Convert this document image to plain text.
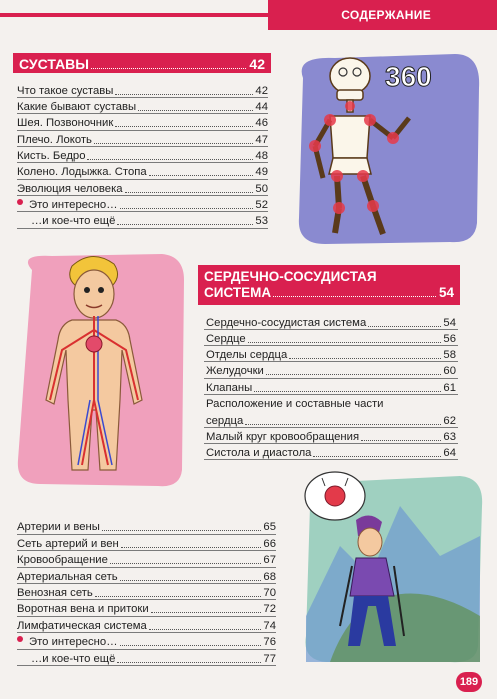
СОДЕРЖАНИЕ
СУСТАВЫ	42
Что такое суставы	42
Какие бывают суставы	44
Шея. Позвоночник	46
Плечо. Локоть	47
Кисть. Бедро	48
Колено. Лодыжка. Стопа	49
Эволюция человека	50
Это интересно…	52
…и кое-что ещё	53
360
СЕРДЕЧНО-СОСУДИСТАЯ
СИСТЕМА	54
Сердечно-сосудистая система	54
Сердце	56
Отделы сердца	58
Желудочки	60
Клапаны	61
Расположение и составные части
сердца	62
Малый круг кровообращения	63
Систола и диастола	64
Артерии и вены	65
Сеть артерий и вен	66
Кровообращение	67
Артериальная сеть	68
Венозная сеть	70
Воротная вена и притоки	72
Лимфатическая система	74
Это интересно…	76
…и кое-что ещё	77
189
